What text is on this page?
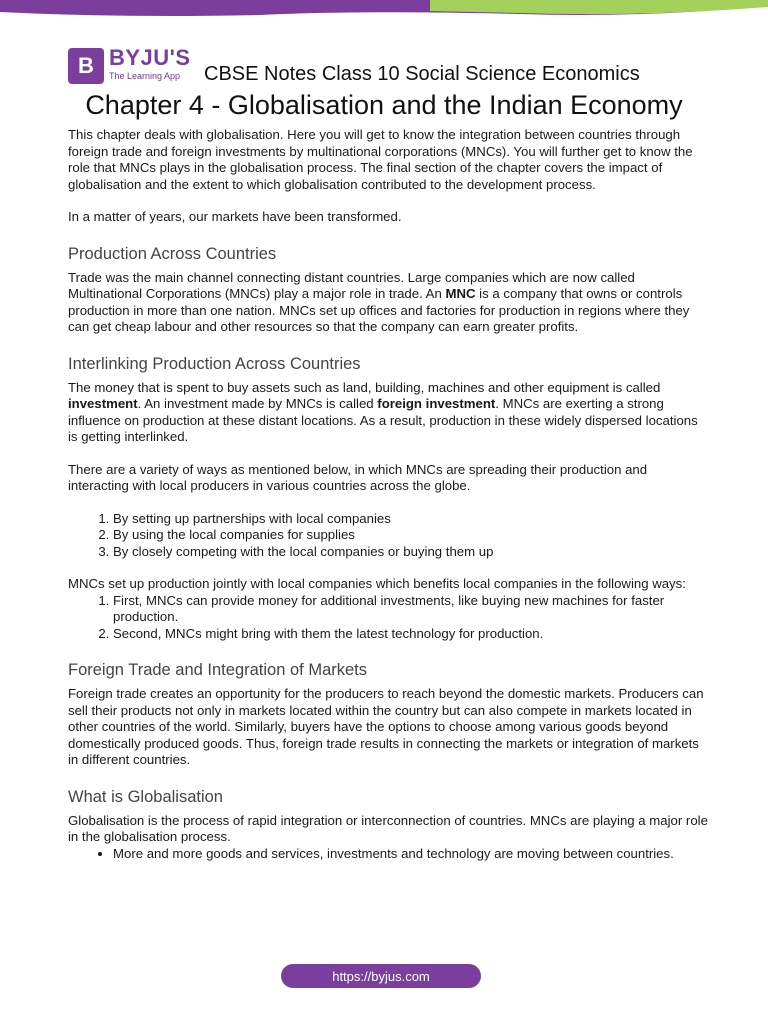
B BYJU'S
The Learning App CBSE Notes Class 10 Social Science Economics
Chapter 4 - Globalisation and the Indian Economy

This chapter deals with globalisation. Here you will get to know the integration between countries through foreign trade and foreign investments by multinational corporations (MNCs). You will further get to know the role that MNCs plays in the globalisation process. The final section of the chapter covers the impact of globalisation and the extent to which globalisation contributed to the development process.

In a matter of years, our markets have been transformed.

Production Across Countries

Trade was the main channel connecting distant countries. Large companies which are now called Multinational Corporations (MNCs) play a major role in trade. An MNC is a company that owns or controls production in more than one nation. MNCs set up offices and factories for production in regions where they can get cheap labour and other resources so that the company can earn greater profits.

Interlinking Production Across Countries

The money that is spent to buy assets such as land, building, machines and other equipment is called investment. An investment made by MNCs is called foreign investment. MNCs are exerting a strong influence on production at these distant locations. As a result, production in these widely dispersed locations is getting interlinked.

There are a variety of ways as mentioned below, in which MNCs are spreading their production and interacting with local producers in various countries across the globe.

1. By setting up partnerships with local companies
2. By using the local companies for supplies
3. By closely competing with the local companies or buying them up

MNCs set up production jointly with local companies which benefits local companies in the following ways:

1. First, MNCs can provide money for additional investments, like buying new machines for faster production.
2. Second, MNCs might bring with them the latest technology for production.
Foreign Trade and Integration of Markets

Foreign trade creates an opportunity for the producers to reach beyond the domestic markets. Producers can sell their products not only in markets located within the country but can also compete in markets located in other countries of the world. Similarly, buyers have the options to choose among various goods beyond domestically produced goods. Thus, foreign trade results in connecting the markets or integration of markets in different countries.

What is Globalisation

Globalisation is the process of rapid integration or interconnection of countries. MNCs are playing a major role in the globalisation process.

• More and more goods and services, investments and technology are moving between countries.
https://byjus.com
